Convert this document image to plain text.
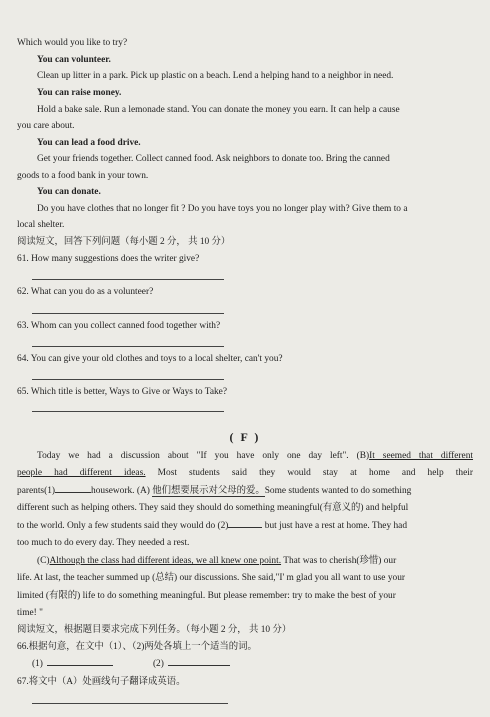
Which would you like to try?
You can volunteer.
Clean up litter in a park. Pick up plastic on a beach. Lend a helping hand to a neighbor in need.
You can raise money.
Hold a bake sale. Run a lemonade stand. You can donate the money you earn. It can help a cause
you care about.
You can lead a food drive.
Get your friends together. Collect canned food. Ask neighbors to donate too. Bring the canned
goods to a food bank in your town.
You can donate.
Do you have clothes that no longer fit ? Do you have toys you no longer play with? Give them to a
local shelter.
阅读短文，回答下列问题（每小题 2 分， 共 10 分）
61. How many suggestions does the writer give?
62. What can you do as a volunteer?
63. Whom can you collect canned food together with?
64. You can give your old clothes and toys to a local shelter, can't you?
65. Which title is better, Ways to Give or Ways to Take?
( F )
Today we had a discussion about "If you have only one day left". (B)It seemed that different
people had different ideas. Most students said they would stay at home and help their
parents(1)	housework. (A) 他们想要展示对父母的爱。Some students wanted to do something
different such as helping others. They said they should do something meaningful(有意义的) and helpful
to the world. Only a few students said they would do (2)	but just have a rest at home. They had
too much to do every day. They needed a rest.
(C)Although the class had different ideas, we all knew one point. That was to cherish(珍惜) our
life. At last, the teacher summed up (总结) our discussions. She said,"I' m glad you all want to use your
limited (有限的) life to do something meaningful. But please remember: try to make the best of your
time! "
阅读短文，根据题目要求完成下列任务。（每小题 2 分， 共 10 分）
66.根据句意，在文中（1）、（2)两处各填上一个适当的词。
(1)	(2)
67.将文中（A）处画线句子翻译成英语。
